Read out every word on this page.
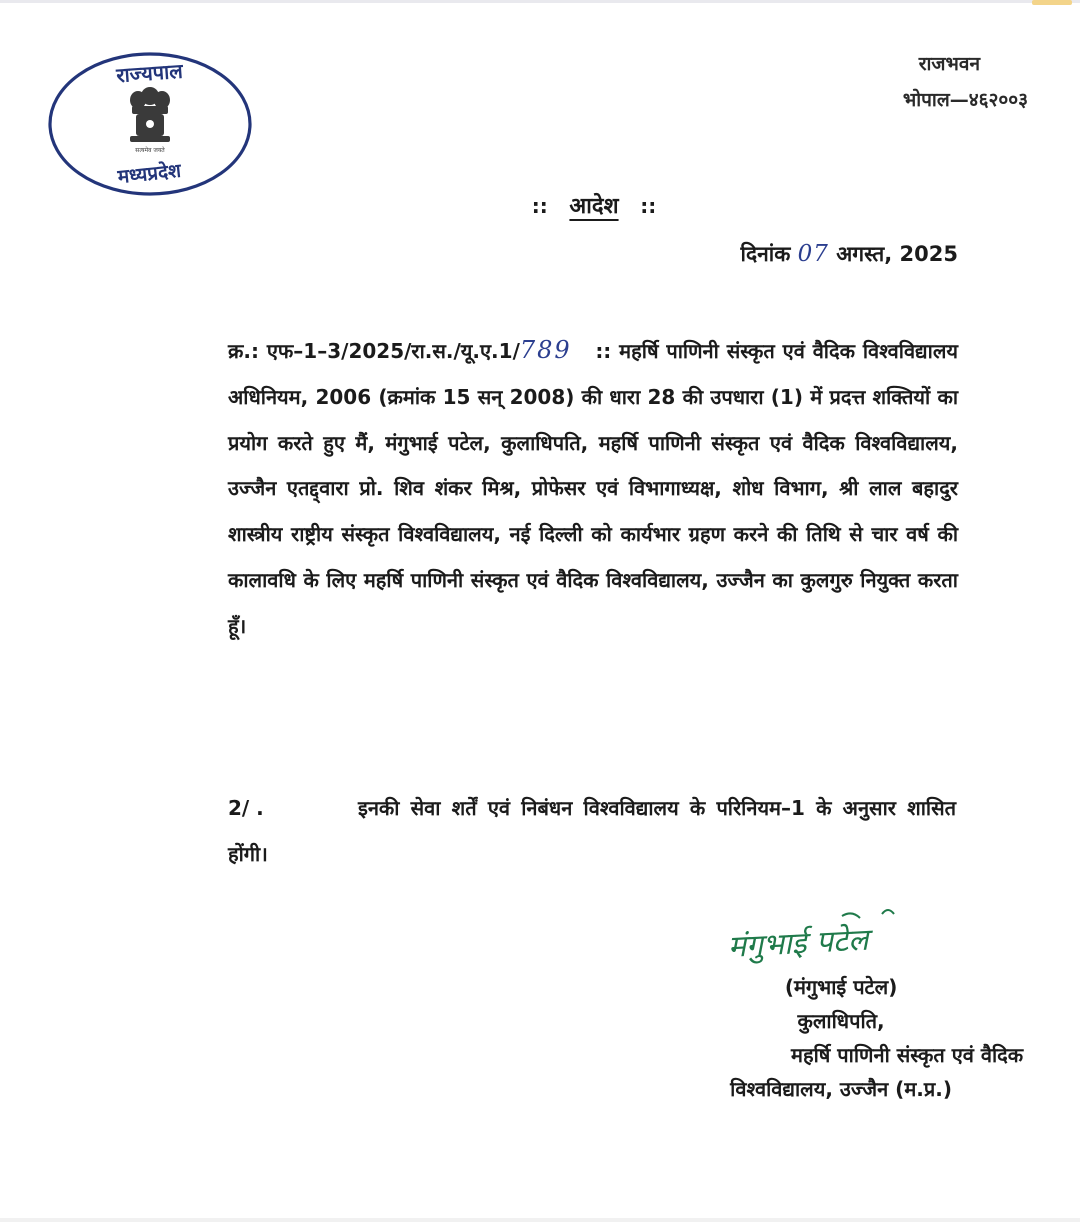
राज्यपाल
मध्यप्रदेश
सत्यमेव जयते
राजभवन
भोपाल—४६२००३
:: आदेश ::
दिनांक 07 अगस्त, 2025
क्र.: एफ–1–3/2025/रा.स./यू.ए.1/789 :: महर्षि पाणिनी संस्कृत एवं वैदिक विश्वविद्यालय अधिनियम, 2006 (क्रमांक 15 सन् 2008) की धारा 28 की उपधारा (1) में प्रदत्त शक्तियों का प्रयोग करते हुए मैं, मंगुभाई पटेल, कुलाधिपति, महर्षि पाणिनी संस्कृत एवं वैदिक विश्वविद्यालय, उज्जैन एतद्द्वारा प्रो. शिव शंकर मिश्र, प्रोफेसर एवं विभागाध्यक्ष, शोध विभाग, श्री लाल बहादुर शास्त्रीय राष्ट्रीय संस्कृत विश्वविद्यालय, नई दिल्ली को कार्यभार ग्रहण करने की तिथि से चार वर्ष की कालावधि के लिए महर्षि पाणिनी संस्कृत एवं वैदिक विश्वविद्यालय, उज्जैन का कुलगुरु नियुक्त करता हूँ।
2/ .	इनकी सेवा शर्तें एवं निबंधन विश्वविद्यालय के परिनियम–1 के अनुसार शासित होंगी।
मंगुभाई पटेल
(मंगुभाई पटेल)
कुलाधिपति,
महर्षि पाणिनी संस्कृत एवं वैदिक
विश्वविद्यालय, उज्जैन (म.प्र.)
